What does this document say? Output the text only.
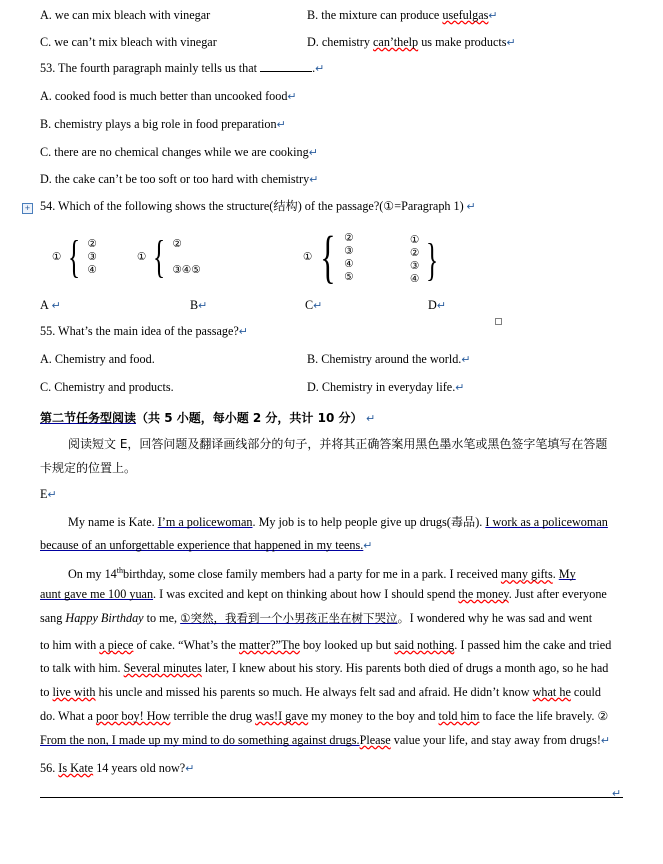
A. we can mix bleach with vinegar	B. the mixture can produce usefulgas↵
C. we can’t mix bleach with vinegar	D. chemistry can’thelp us make products↵
53. The fourth paragraph mainly tells us that	.↵
A. cooked food is much better than uncooked food↵
B. chemistry plays a big role in food preparation↵
C. there are no chemical changes while we are cooking↵
D. the cake can’t be too soft or too hard with chemistry↵
+ 54. Which of the following shows the structure(结构) of the passage?(①=Paragraph 1) ↵
① { ②
③
④
① { ②
③④⑤
① { ②
③
④
⑤
①
②
③
④ }
A ↵	B↵	C↵	D↵
55. What’s the main idea of the passage?↵
A. Chemistry and food.	B. Chemistry around the world.↵
C. Chemistry and products.	D. Chemistry in everyday life.↵
第二节任务型阅读（共 5 小题，每小题 2 分，共计 10 分） ↵
阅读短文 E，回答问题及翻译画线部分的句子，并将其正确答案用黑色墨水笔或黑色签字笔填写在答题
卡规定的位置上。
E↵
My name is Kate. I’m a policewoman. My job is to help people give up drugs(毒品). I work as a policewoman
because of an unforgettable experience that happened in my teens.↵
On my 14thbirthday, some close family members had a party for me in a park. I received many gifts. My
aunt gave me 100 yuan. I was excited and kept on thinking about how I should spend the money. Just after everyone
sang Happy Birthday to me, ①突然，我看到一个小男孩正坐在树下哭泣。I wondered why he was sad and went
to him with a piece of cake. “What’s the matter?”The boy looked up but said nothing. I passed him the cake and tried
to talk with him. Several minutes later, I knew about his story. His parents both died of drugs a month ago, so he had
to live with his uncle and missed his parents so much. He always felt sad and afraid. He didn’t know what he could
do. What a poor boy! How terrible the drug was!I gave my money to the boy and told him to face the life bravely. ②
From the non, I made up my mind to do something against drugs.Please value your life, and stay away from drugs!↵
56. Is Kate 14 years old now?↵
↵
